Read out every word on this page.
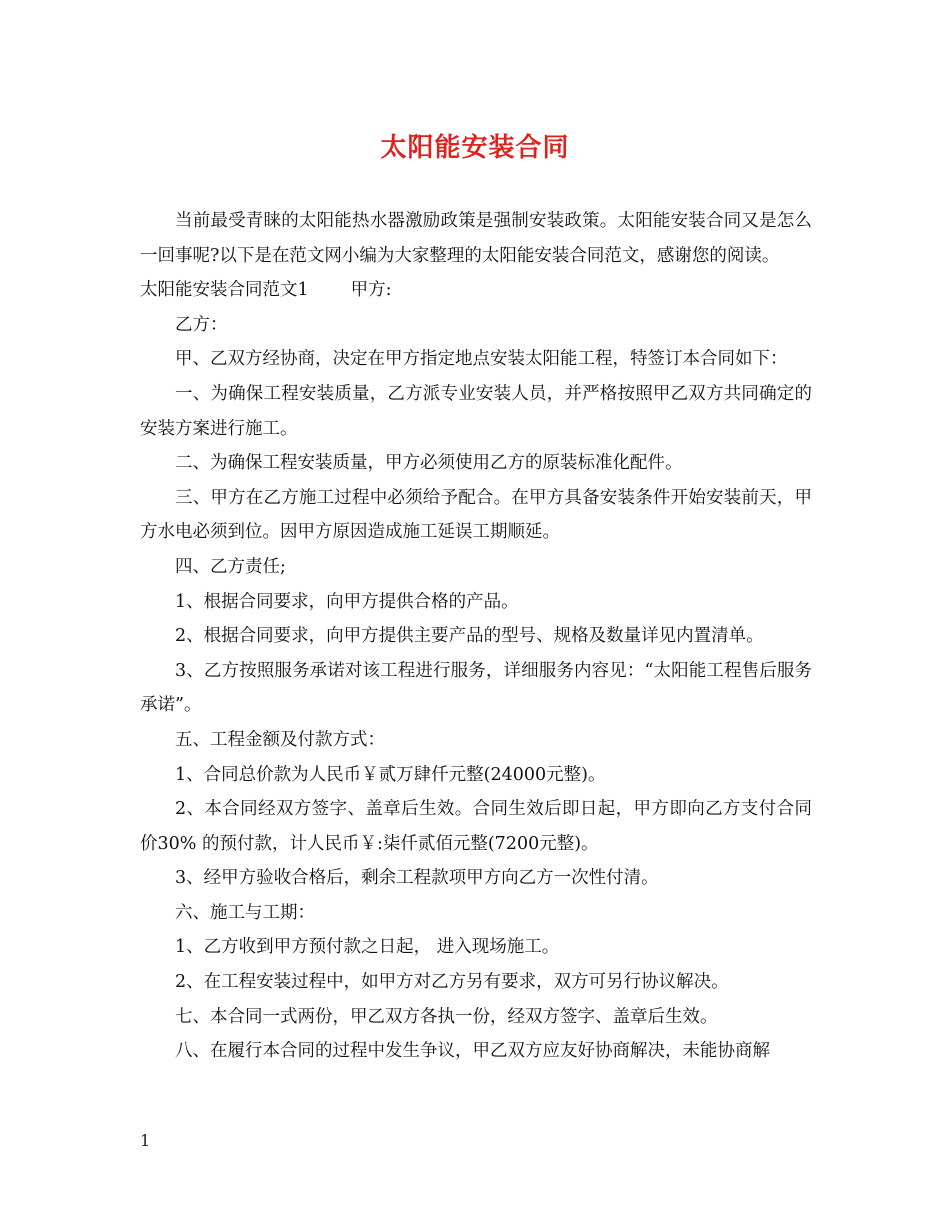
太阳能安装合同

当前最受青睐的太阳能热水器激励政策是强制安装政策。太阳能安装合同又是怎么一回事呢?以下是在范文网小编为大家整理的太阳能安装合同范文，感谢您的阅读。

太阳能安装合同范文1 甲方:

乙方：

甲、乙双方经协商，决定在甲方指定地点安装太阳能工程，特签订本合同如下：

一、为确保工程安装质量，乙方派专业安装人员，并严格按照甲乙双方共同确定的安装方案进行施工。

二、为确保工程安装质量，甲方必须使用乙方的原装标准化配件。

三、甲方在乙方施工过程中必须给予配合。在甲方具备安装条件开始安装前天，甲方水电必须到位。因甲方原因造成施工延误工期顺延。

四、乙方责任;

1、根据合同要求，向甲方提供合格的产品。

2、根据合同要求，向甲方提供主要产品的型号、规格及数量详见内置清单。

3、乙方按照服务承诺对该工程进行服务，详细服务内容见：“太阳能工程售后服务承诺”。

五、工程金额及付款方式：

1、合同总价款为人民币￥贰万肆仟元整(24000元整)。

2、本合同经双方签字、盖章后生效。合同生效后即日起，甲方即向乙方支付合同价30% 的预付款，计人民币￥:柒仟贰佰元整(7200元整)。

3、经甲方验收合格后，剩余工程款项甲方向乙方一次性付清。

六、施工与工期：

1、乙方收到甲方预付款之日起， 进入现场施工。

2、在工程安装过程中，如甲方对乙方另有要求，双方可另行协议解决。

七、本合同一式两份，甲乙双方各执一份，经双方签字、盖章后生效。

八、在履行本合同的过程中发生争议，甲乙双方应友好协商解决，未能协商解

1
